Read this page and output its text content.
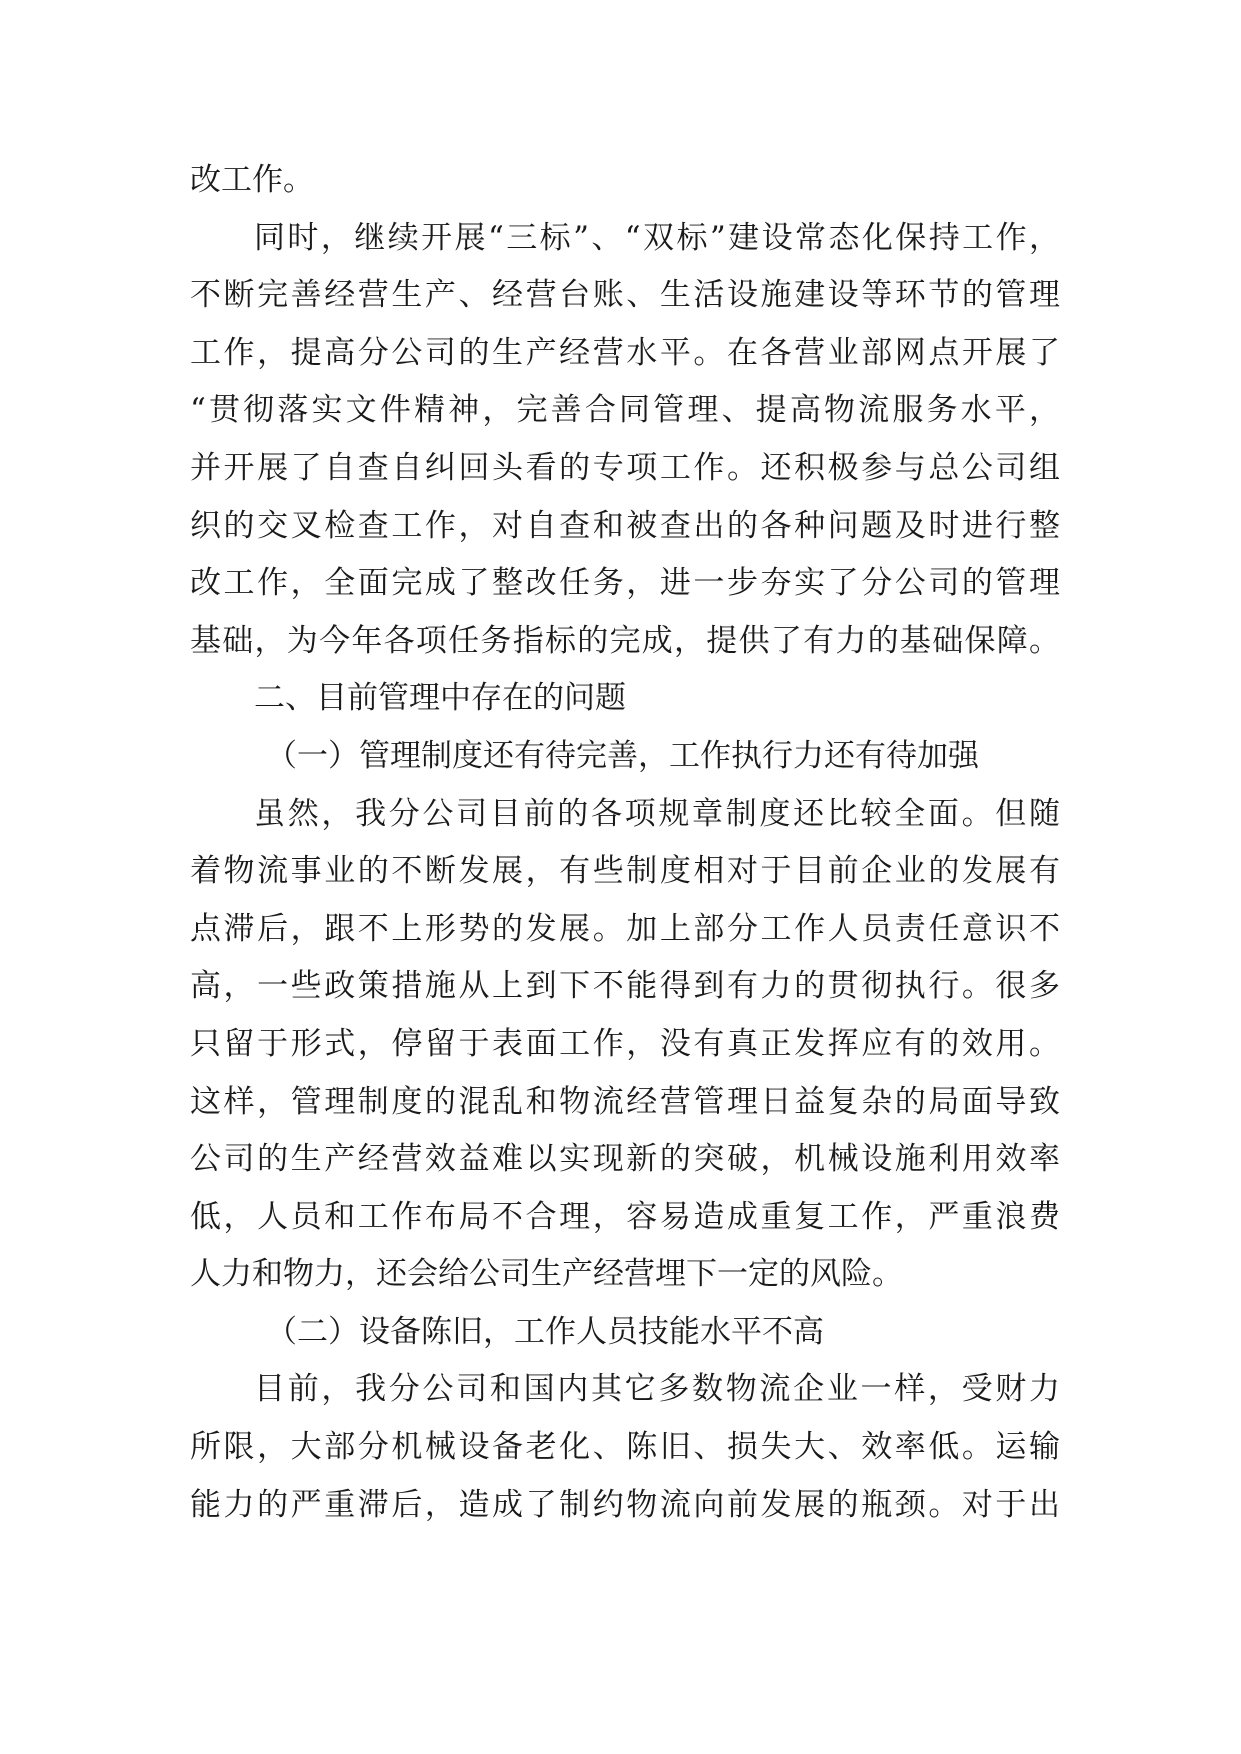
改工作。
同时，继续开展“三标”、“双标”建设常态化保持工作，
不断完善经营生产、经营台账、生活设施建设等环节的管理
工作，提高分公司的生产经营水平。在各营业部网点开展了
“贯彻落实文件精神，完善合同管理、提高物流服务水平，
并开展了自查自纠回头看的专项工作。还积极参与总公司组
织的交叉检查工作，对自查和被查出的各种问题及时进行整
改工作，全面完成了整改任务，进一步夯实了分公司的管理
基础，为今年各项任务指标的完成，提供了有力的基础保障。
二、目前管理中存在的问题
（一）管理制度还有待完善，工作执行力还有待加强
虽然，我分公司目前的各项规章制度还比较全面。但随
着物流事业的不断发展，有些制度相对于目前企业的发展有
点滞后，跟不上形势的发展。加上部分工作人员责任意识不
高，一些政策措施从上到下不能得到有力的贯彻执行。很多
只留于形式，停留于表面工作，没有真正发挥应有的效用。
这样，管理制度的混乱和物流经营管理日益复杂的局面导致
公司的生产经营效益难以实现新的突破，机械设施利用效率
低，人员和工作布局不合理，容易造成重复工作，严重浪费
人力和物力，还会给公司生产经营埋下一定的风险。
（二）设备陈旧，工作人员技能水平不高
目前，我分公司和国内其它多数物流企业一样，受财力
所限，大部分机械设备老化、陈旧、损失大、效率低。运输
能力的严重滞后，造成了制约物流向前发展的瓶颈。对于出
